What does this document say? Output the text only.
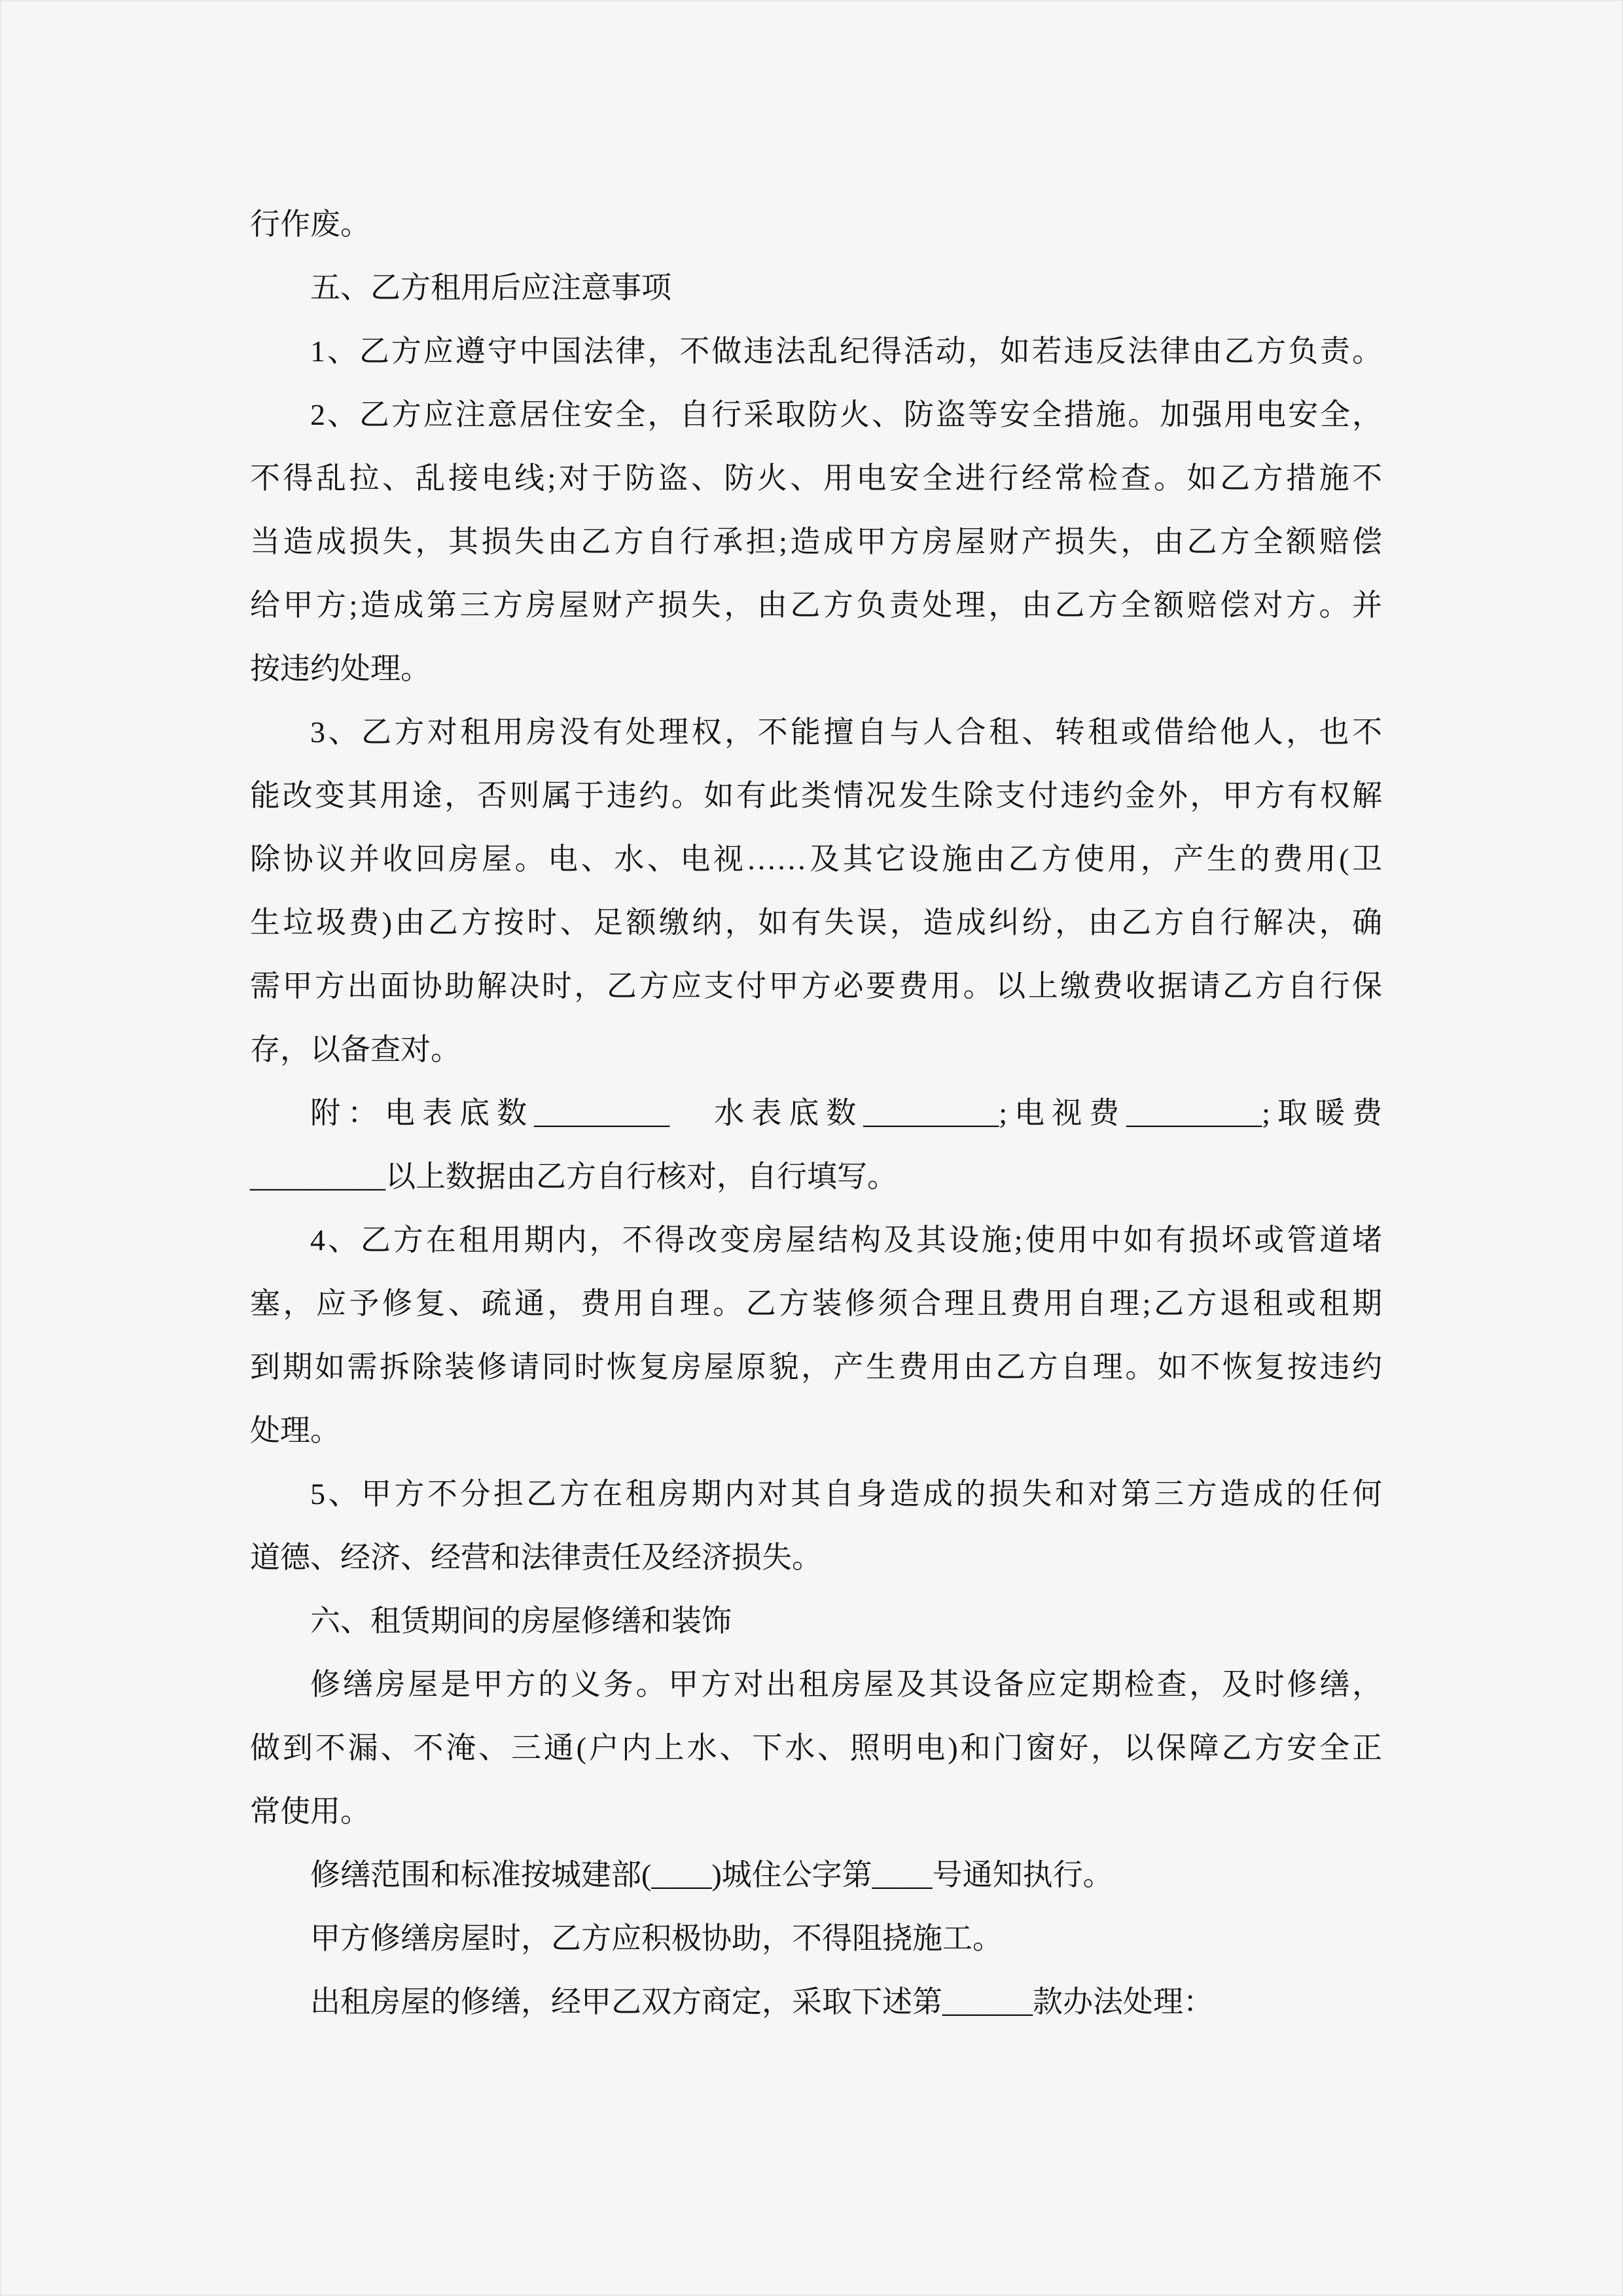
行作废。
五、乙方租用后应注意事项
1、乙方应遵守中国法律，不做违法乱纪得活动，如若违反法律由乙方负责。
2、乙方应注意居住安全，自行采取防火、防盗等安全措施。加强用电安全，
不得乱拉、乱接电线;对于防盗、防火、用电安全进行经常检查。如乙方措施不
当造成损失，其损失由乙方自行承担;造成甲方房屋财产损失，由乙方全额赔偿
给甲方;造成第三方房屋财产损失，由乙方负责处理，由乙方全额赔偿对方。并
按违约处理。
3、乙方对租用房没有处理权，不能擅自与人合租、转租或借给他人，也不
能改变其用途，否则属于违约。如有此类情况发生除支付违约金外，甲方有权解
除协议并收回房屋。电、水、电视……及其它设施由乙方使用，产生的费用(卫
生垃圾费)由乙方按时、足额缴纳，如有失误，造成纠纷，由乙方自行解决，确
需甲方出面协助解决时，乙方应支付甲方必要费用。以上缴费收据请乙方自行保
存，以备查对。
附：电表底数_________　水表底数_________;电视费_________;取暖费
_________以上数据由乙方自行核对，自行填写。
4、乙方在租用期内，不得改变房屋结构及其设施;使用中如有损坏或管道堵
塞，应予修复、疏通，费用自理。乙方装修须合理且费用自理;乙方退租或租期
到期如需拆除装修请同时恢复房屋原貌，产生费用由乙方自理。如不恢复按违约
处理。
5、甲方不分担乙方在租房期内对其自身造成的损失和对第三方造成的任何
道德、经济、经营和法律责任及经济损失。
六、租赁期间的房屋修缮和装饰
修缮房屋是甲方的义务。甲方对出租房屋及其设备应定期检查，及时修缮，
做到不漏、不淹、三通(户内上水、下水、照明电)和门窗好，以保障乙方安全正
常使用。
修缮范围和标准按城建部(____)城住公字第____号通知执行。
甲方修缮房屋时，乙方应积极协助，不得阻挠施工。
出租房屋的修缮，经甲乙双方商定，采取下述第______款办法处理：
